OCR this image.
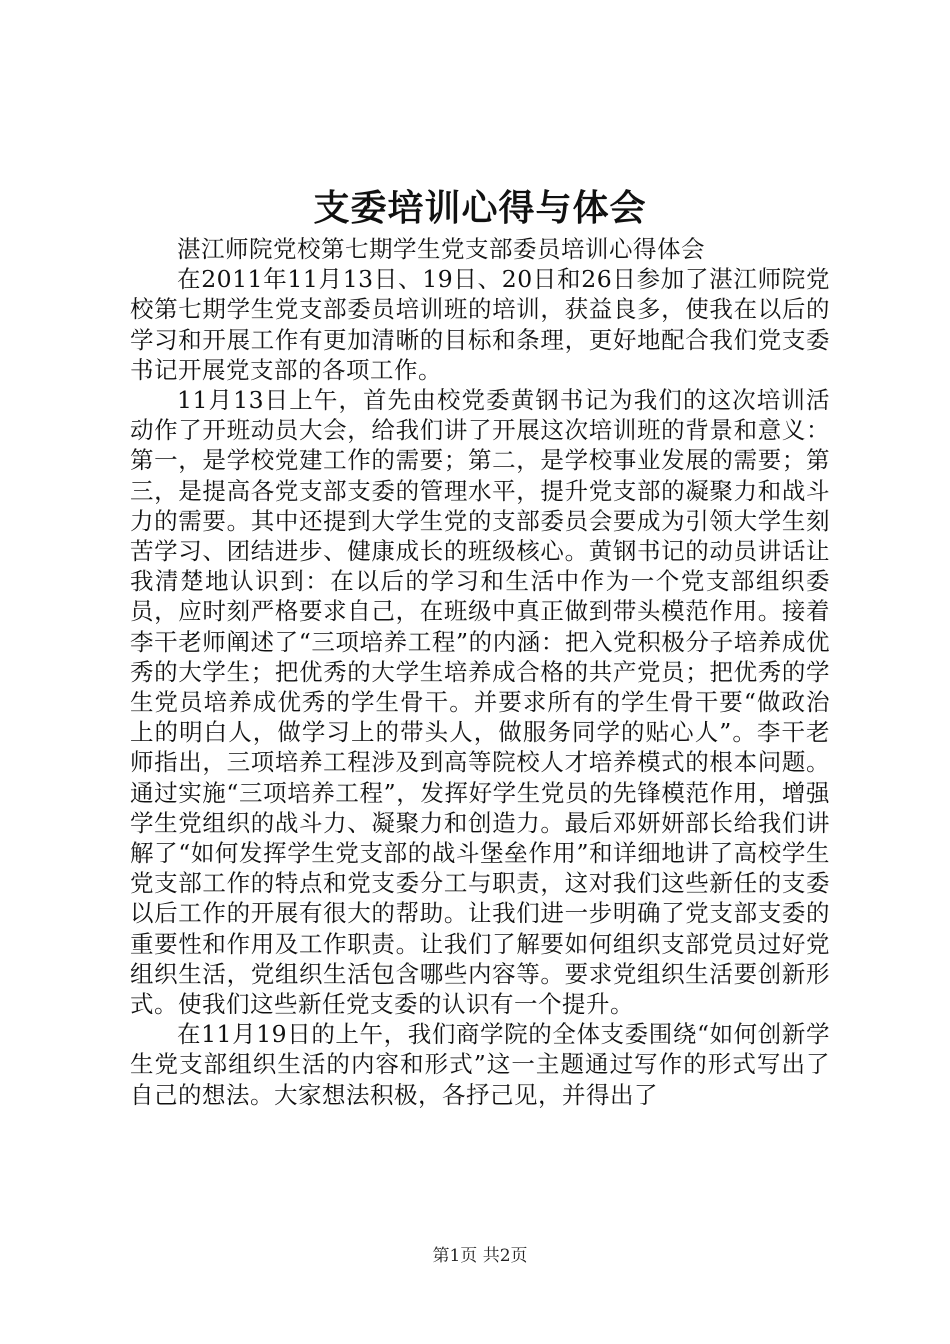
支委培训心得与体会

湛江师院党校第七期学生党支部委员培训心得体会

在2011年11月13日、19日、20日和26日参加了湛江师院党校第七期学生党支部委员培训班的培训，获益良多，使我在以后的学习和开展工作有更加清晰的目标和条理，更好地配合我们党支委书记开展党支部的各项工作。

11月13日上午，首先由校党委黄钢书记为我们的这次培训活动作了开班动员大会，给我们讲了开展这次培训班的背景和意义：第一，是学校党建工作的需要；第二，是学校事业发展的需要；第三，是提高各党支部支委的管理水平，提升党支部的凝聚力和战斗力的需要。其中还提到大学生党的支部委员会要成为引领大学生刻苦学习、团结进步、健康成长的班级核心。黄钢书记的动员讲话让我清楚地认识到：在以后的学习和生活中作为一个党支部组织委员，应时刻严格要求自己，在班级中真正做到带头模范作用。接着李干老师阐述了“三项培养工程”的内涵：把入党积极分子培养成优秀的大学生；把优秀的大学生培养成合格的共产党员；把优秀的学生党员培养成优秀的学生骨干。并要求所有的学生骨干要“做政治上的明白人，做学习上的带头人，做服务同学的贴心人”。李干老师指出，三项培养工程涉及到高等院校人才培养模式的根本问题。通过实施“三项培养工程”，发挥好学生党员的先锋模范作用，增强学生党组织的战斗力、凝聚力和创造力。最后邓妍妍部长给我们讲解了“如何发挥学生党支部的战斗堡垒作用”和详细地讲了高校学生党支部工作的特点和党支委分工与职责，这对我们这些新任的支委以后工作的开展有很大的帮助。让我们进一步明确了党支部支委的重要性和作用及工作职责。让我们了解要如何组织支部党员过好党组织生活，党组织生活包含哪些内容等。要求党组织生活要创新形式。使我们这些新任党支委的认识有一个提升。

在11月19日的上午，我们商学院的全体支委围绕“如何创新学生党支部组织生活的内容和形式”这一主题通过写作的形式写出了自己的想法。大家想法积极，各抒己见，并得出了

第1页 共2页
